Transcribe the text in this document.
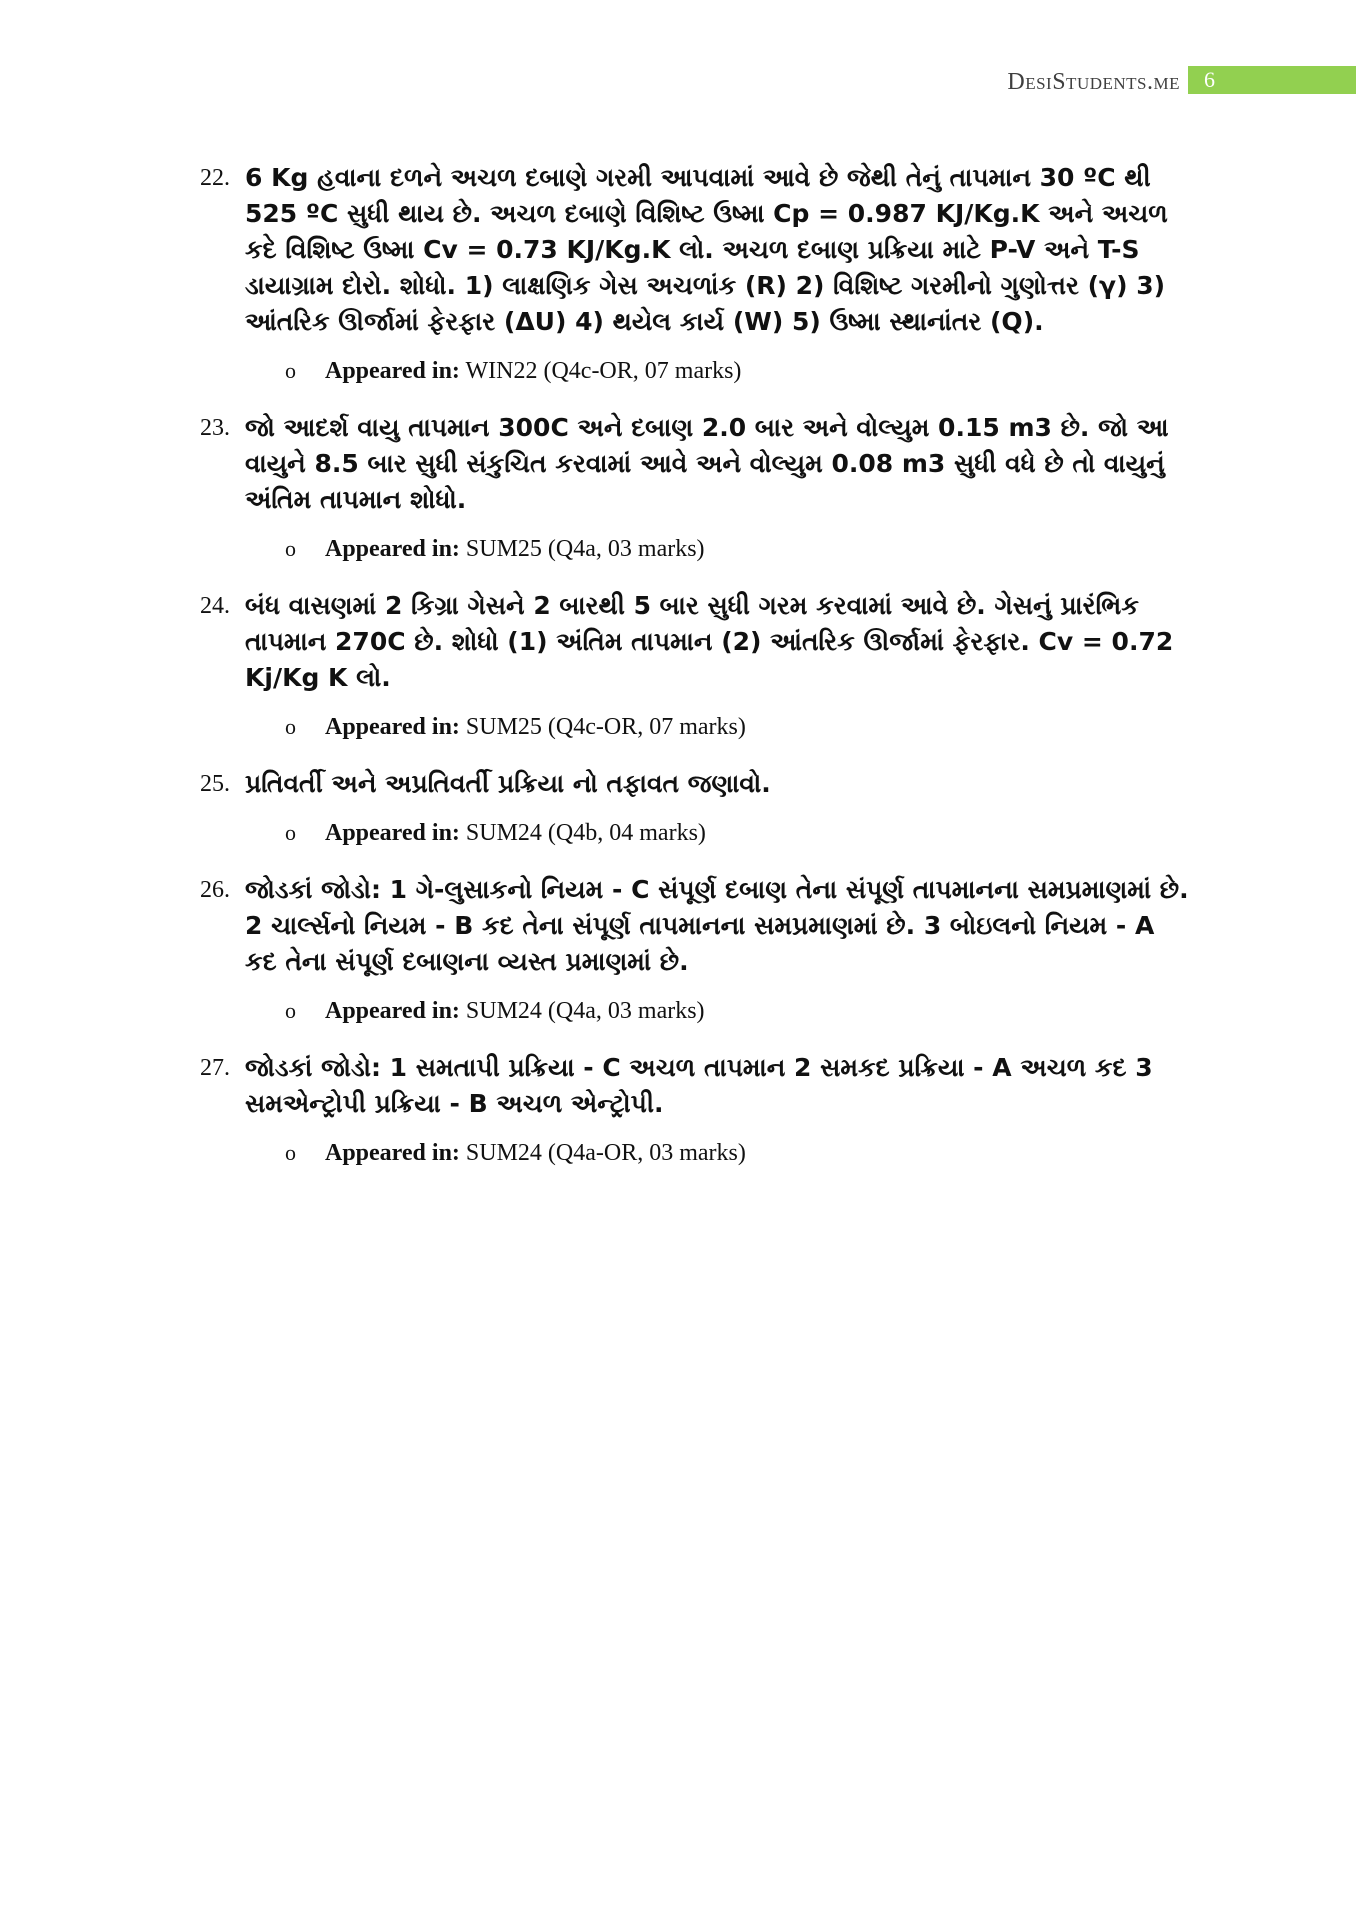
DesiStudents.me 6
22. 6 Kg હવાના દળને અચળ દબાણે ગરમી આપવામાં આવે છે જેથી તેનું તાપમાન 30 ºC થી 525 ºC સુધી થાય છે. અચળ દબાણે વિશિષ્ટ ઉષ્મા Cp = 0.987 KJ/Kg.K અને અચળ કદે વિશિષ્ટ ઉષ્મા Cv = 0.73 KJ/Kg.K લો. અચળ દબાણ પ્રક્રિયા માટે P-V અને T-S ડાયાગ્રામ દોરો. શોધો. 1) લાક્ષણિક ગેસ અચળાંક (R) 2) વિશિષ્ટ ગરમીનો ગુણોત્તર (γ) 3) આંતરિક ઊર્જામાં ફેરફાર (ΔU) 4) થયેલ કાર્ય (W) 5) ઉષ્મા સ્થાનાંતર (Q).
o Appeared in: WIN22 (Q4c-OR, 07 marks)
23. જો આદર્શ વાયુ તાપમાન 300C અને દબાણ 2.0 બાર અને વોલ્યુમ 0.15 m3 છે. જો આ વાયુને 8.5 બાર સુધી સંકુચિત કરવામાં આવે અને વોલ્યુમ 0.08 m3 સુધી વધે છે તો વાયુનું અંતિમ તાપમાન શોધો.
o Appeared in: SUM25 (Q4a, 03 marks)
24. બંધ વાસણમાં 2 કિગ્રા ગેસને 2 બારથી 5 બાર સુધી ગરમ કરવામાં આવે છે. ગેસનું પ્રારંભિક તાપમાન 270C છે. શોધો (1) અંતિમ તાપમાન (2) આંતરિક ઊર્જામાં ફેરફાર. Cv = 0.72 Kj/Kg K લો.
o Appeared in: SUM25 (Q4c-OR, 07 marks)
25. પ્રતિવર્તી અને અપ્રતિવર્તી પ્રક્રિયા નો તફાવત જણાવો.
o Appeared in: SUM24 (Q4b, 04 marks)
26. જોડકાં જોડો: 1 ગે-લુસાકનો નિયમ - C સંપૂર્ણ દબાણ તેના સંપૂર્ણ તાપમાનના સમપ્રમાણમાં છે. 2 ચાર્લ્સનો નિયમ - B કદ તેના સંપૂર્ણ તાપમાનના સમપ્રમાણમાં છે. 3 બોઇલનો નિયમ - A કદ તેના સંપૂર્ણ દબાણના વ્યસ્ત પ્રમાણમાં છે.
o Appeared in: SUM24 (Q4a, 03 marks)
27. જોડકાં જોડો: 1 સમતાપી પ્રક્રિયા - C અચળ તાપમાન 2 સમકદ પ્રક્રિયા - A અચળ કદ 3 સમએન્ટ્રોપી પ્રક્રિયા - B અચળ એન્ટ્રોપી.
o Appeared in: SUM24 (Q4a-OR, 03 marks)
